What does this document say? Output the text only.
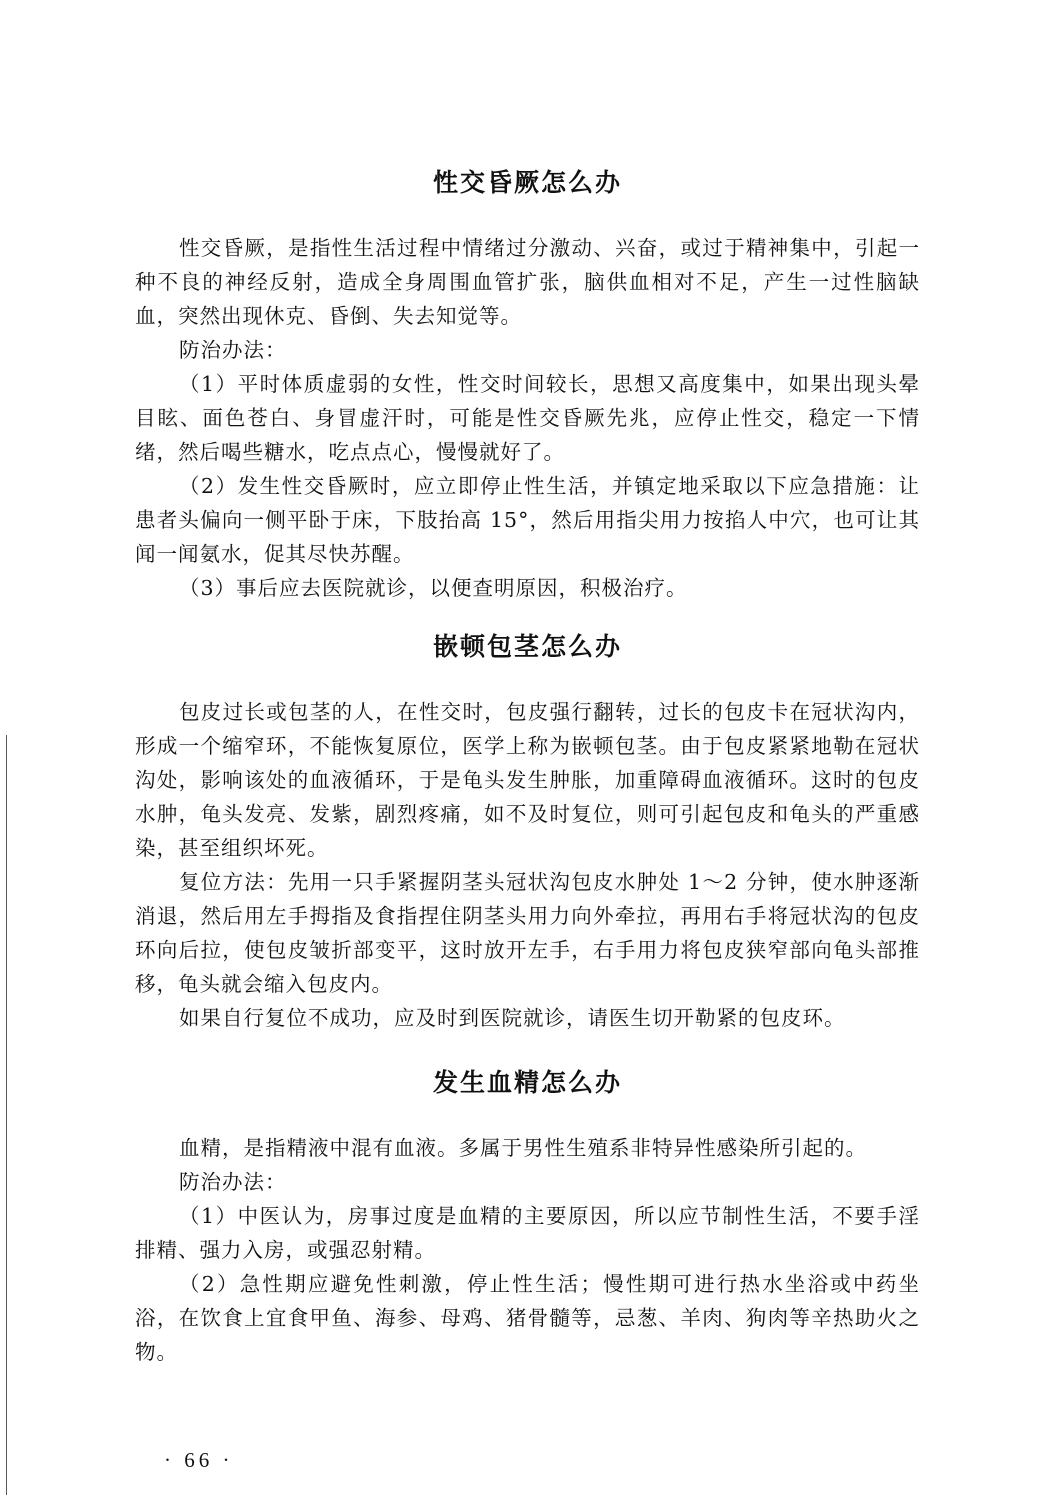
性交昏厥怎么办

性交昏厥，是指性生活过程中情绪过分激动、兴奋，或过于精神集中，引起一种不良的神经反射，造成全身周围血管扩张，脑供血相对不足，产生一过性脑缺血，突然出现休克、昏倒、失去知觉等。

防治办法：

（1）平时体质虚弱的女性，性交时间较长，思想又高度集中，如果出现头晕目眩、面色苍白、身冒虚汗时，可能是性交昏厥先兆，应停止性交，稳定一下情绪，然后喝些糖水，吃点点心，慢慢就好了。

（2）发生性交昏厥时，应立即停止性生活，并镇定地采取以下应急措施：让患者头偏向一侧平卧于床，下肢抬高 15°，然后用指尖用力按掐人中穴，也可让其闻一闻氨水，促其尽快苏醒。

（3）事后应去医院就诊，以便查明原因，积极治疗。

嵌顿包茎怎么办

包皮过长或包茎的人，在性交时，包皮强行翻转，过长的包皮卡在冠状沟内，形成一个缩窄环，不能恢复原位，医学上称为嵌顿包茎。由于包皮紧紧地勒在冠状沟处，影响该处的血液循环，于是龟头发生肿胀，加重障碍血液循环。这时的包皮水肿，龟头发亮、发紫，剧烈疼痛，如不及时复位，则可引起包皮和龟头的严重感染，甚至组织坏死。

复位方法：先用一只手紧握阴茎头冠状沟包皮水肿处 1～2 分钟，使水肿逐渐消退，然后用左手拇指及食指捏住阴茎头用力向外牵拉，再用右手将冠状沟的包皮环向后拉，使包皮皱折部变平，这时放开左手，右手用力将包皮狭窄部向龟头部推移，龟头就会缩入包皮内。

如果自行复位不成功，应及时到医院就诊，请医生切开勒紧的包皮环。

发生血精怎么办

血精，是指精液中混有血液。多属于男性生殖系非特异性感染所引起的。

防治办法：

（1）中医认为，房事过度是血精的主要原因，所以应节制性生活，不要手淫排精、强力入房，或强忍射精。

（2）急性期应避免性刺激，停止性生活；慢性期可进行热水坐浴或中药坐浴，在饮食上宜食甲鱼、海参、母鸡、猪骨髓等，忌葱、羊肉、狗肉等辛热助火之物。

· 66 ·
